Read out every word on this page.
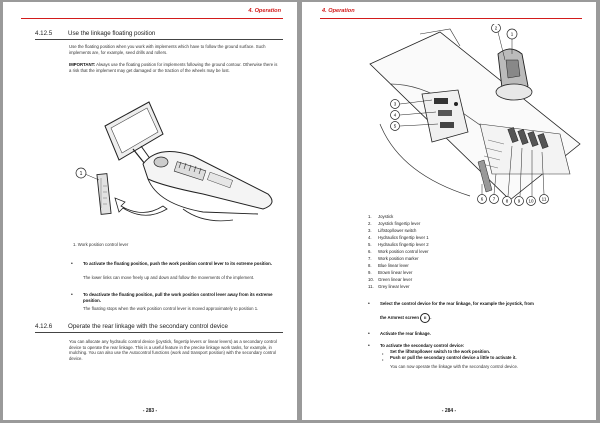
4. Operation
4.12.5	Use the linkage floating position
Use the floating position when you work with implements which have to follow the ground surface. Such implements are, for example, seed drills and rollers.
IMPORTANT: Always use the floating position for implements following the ground contour. Otherwise there is a risk that the implement may get damaged or the traction of the wheels may be lost.
1
1. Work position control lever
• To activate the floating position, push the work position control lever to its extreme position.
The lower links can move freely up and down and follow the movements of the implement.
• To deactivate the floating position, pull the work position control lever away from its extreme position.
The floating stops when the work position control lever is moved approximately to position 1.
4.12.6	Operate the rear linkage with the secondary control device
You can allocate any hydraulic control device (joystick, fingertip levers or linear levers) as a secondary control device to operate the rear linkage. This is a useful feature in the precise linkage work tasks, for example, in mulching. You can also use the Autocontrol functions (work and transport position) with the secondary control device.
- 283 -
4. Operation
1
2
3
4
5
6 7 8 9 10 11
1. Joystick
2. Joystick fingertip lever
3. Liftstop/lower switch
4. Hydraulics fingertip lever 1
5. Hydraulics fingertip lever 2
6. Work position control lever
7. Work position marker
8. Blue linear lever
9. Brown linear lever
10. Green linear lever
11. Grey linear lever
• Select the control device for the rear linkage, for example the joystick, from
the Armrest screen II .
• Activate the rear linkage.
• To activate the secondary control device:
• Set the liftstop/lower switch to the work position.
• Push or pull the secondary control device a little to activate it.
You can now operate the linkage with the secondary control device.
- 284 -
